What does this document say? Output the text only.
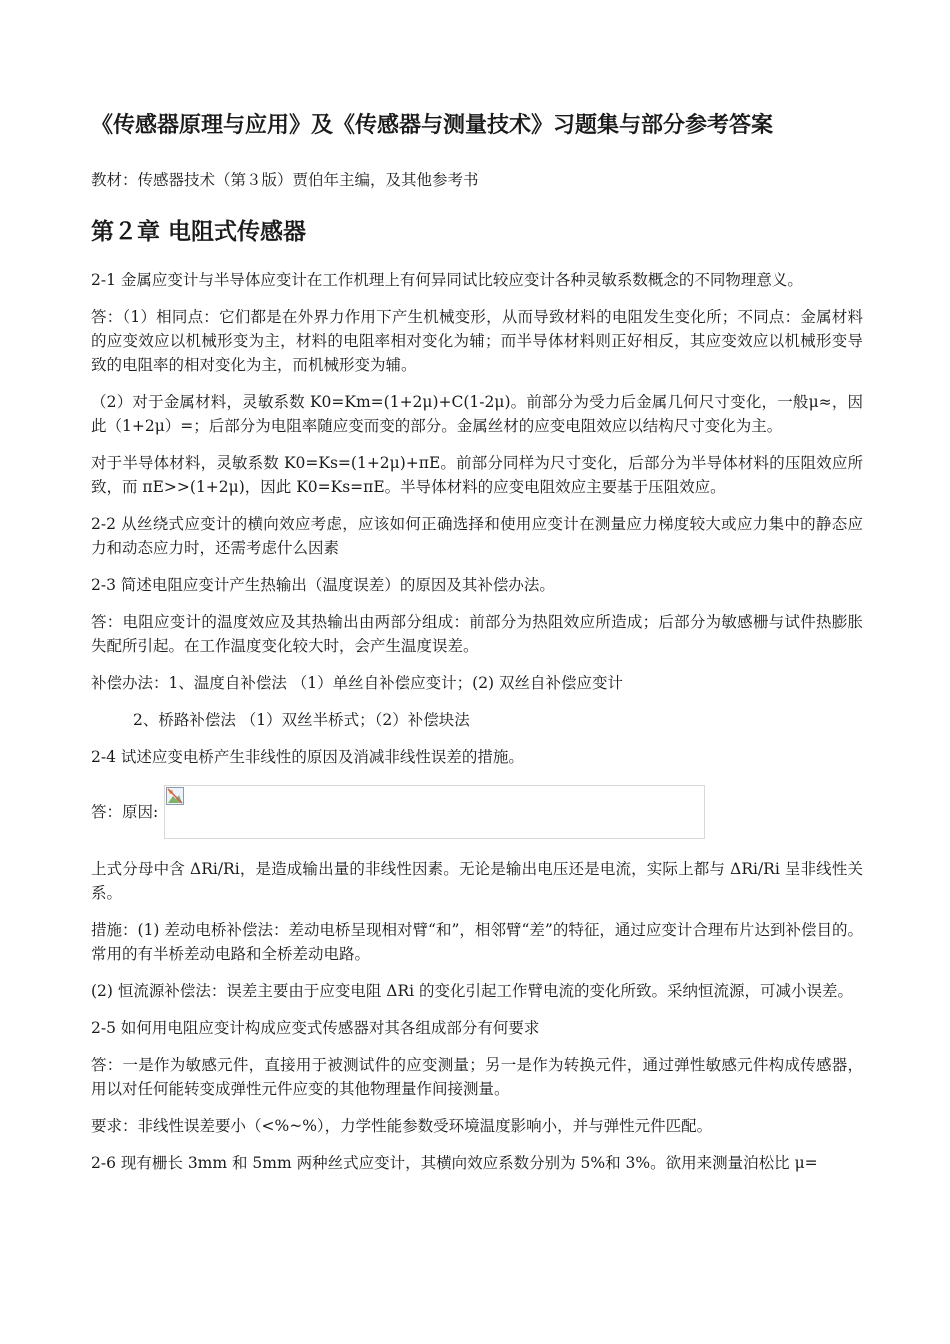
《传感器原理与应用》及《传感器与测量技术》习题集与部分参考答案
教材：传感器技术（第３版）贾伯年主编，及其他参考书
第２章 电阻式传感器

2-1 金属应变计与半导体应变计在工作机理上有何异同试比较应变计各种灵敏系数概念的不同物理意义。

答：（1）相同点：它们都是在外界力作用下产生机械变形，从而导致材料的电阻发生变化所；不同点：金属材料的应变效应以机械形变为主，材料的电阻率相对变化为辅；而半导体材料则正好相反，其应变效应以机械形变导致的电阻率的相对变化为主，而机械形变为辅。

（2）对于金属材料，灵敏系数 K0=Km=(1+2μ)+C(1-2μ)。前部分为受力后金属几何尺寸变化，一般μ≈，因此（1+2μ）=；后部分为电阻率随应变而变的部分。金属丝材的应变电阻效应以结构尺寸变化为主。

对于半导体材料，灵敏系数 K0=Ks=(1+2μ)+πE。前部分同样为尺寸变化，后部分为半导体材料的压阻效应所致，而 πE>>(1+2μ)，因此 K0=Ks=πE。半导体材料的应变电阻效应主要基于压阻效应。

2-2 从丝绕式应变计的横向效应考虑，应该如何正确选择和使用应变计在测量应力梯度较大或应力集中的静态应力和动态应力时，还需考虑什么因素

2-3 简述电阻应变计产生热输出（温度误差）的原因及其补偿办法。

答：电阻应变计的温度效应及其热输出由两部分组成：前部分为热阻效应所造成；后部分为敏感栅与试件热膨胀失配所引起。在工作温度变化较大时，会产生温度误差。

补偿办法：1、温度自补偿法 （1）单丝自补偿应变计；(2) 双丝自补偿应变计

2、桥路补偿法 （1）双丝半桥式；（2）补偿块法

2-4 试述应变电桥产生非线性的原因及消减非线性误差的措施。

答：原因:

上式分母中含 ΔRi/Ri，是造成输出量的非线性因素。无论是输出电压还是电流，实际上都与 ΔRi/Ri 呈非线性关系。

措施：(1) 差动电桥补偿法：差动电桥呈现相对臂“和”，相邻臂“差”的特征，通过应变计合理布片达到补偿目的。常用的有半桥差动电路和全桥差动电路。

(2) 恒流源补偿法：误差主要由于应变电阻 ΔRi 的变化引起工作臂电流的变化所致。采纳恒流源，可减小误差。

2-5 如何用电阻应变计构成应变式传感器对其各组成部分有何要求

答：一是作为敏感元件，直接用于被测试件的应变测量；另一是作为转换元件，通过弹性敏感元件构成传感器，用以对任何能转变成弹性元件应变的其他物理量作间接测量。

要求：非线性误差要小（<%~%），力学性能参数受环境温度影响小，并与弹性元件匹配。

2-6 现有栅长 3mm 和 5mm 两种丝式应变计，其横向效应系数分别为 5%和 3%。欲用来测量泊松比 μ=
